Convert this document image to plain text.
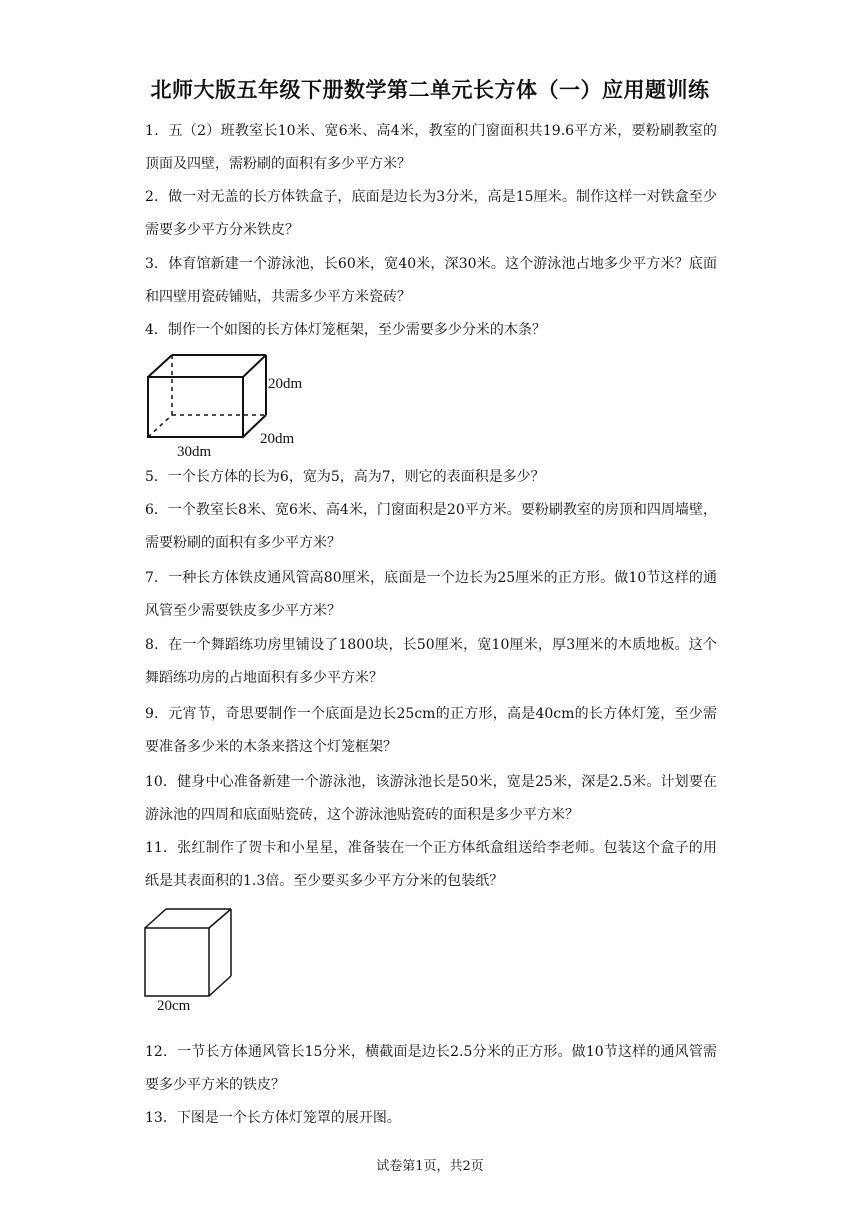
北师大版五年级下册数学第二单元长方体（一）应用题训练
1．五（2）班教室长10米、宽6米、高4米，教室的门窗面积共19.6平方米，要粉刷教室的顶面及四壁，需粉刷的面积有多少平方米？
2．做一对无盖的长方体铁盒子，底面是边长为3分米，高是15厘米。制作这样一对铁盒至少需要多少平方分米铁皮？
3．体育馆新建一个游泳池，长60米，宽40米，深30米。这个游泳池占地多少平方米？底面和四壁用瓷砖铺贴，共需多少平方米瓷砖？
4．制作一个如图的长方体灯笼框架，至少需要多少分米的木条？
20dm
20dm
30dm
5．一个长方体的长为6，宽为5，高为7，则它的表面积是多少？
6．一个教室长8米、宽6米、高4米，门窗面积是20平方米。要粉刷教室的房顶和四周墙壁，需要粉刷的面积有多少平方米？
7．一种长方体铁皮通风管高80厘米，底面是一个边长为25厘米的正方形。做10节这样的通风管至少需要铁皮多少平方米？
8．在一个舞蹈练功房里铺设了1800块，长50厘米，宽10厘米，厚3厘米的木质地板。这个舞蹈练功房的占地面积有多少平方米？
9．元宵节，奇思要制作一个底面是边长25cm的正方形，高是40cm的长方体灯笼，至少需要准备多少米的木条来搭这个灯笼框架？
10．健身中心准备新建一个游泳池，该游泳池长是50米，宽是25米，深是2.5米。计划要在游泳池的四周和底面贴瓷砖，这个游泳池贴瓷砖的面积是多少平方米？
11．张红制作了贺卡和小星星，准备装在一个正方体纸盒组送给李老师。包装这个盒子的用纸是其表面积的1.3倍。至少要买多少平方分米的包装纸？
20cm
12．一节长方体通风管长15分米，横截面是边长2.5分米的正方形。做10节这样的通风管需要多少平方米的铁皮？
13．下图是一个长方体灯笼罩的展开图。
试卷第1页，共2页
